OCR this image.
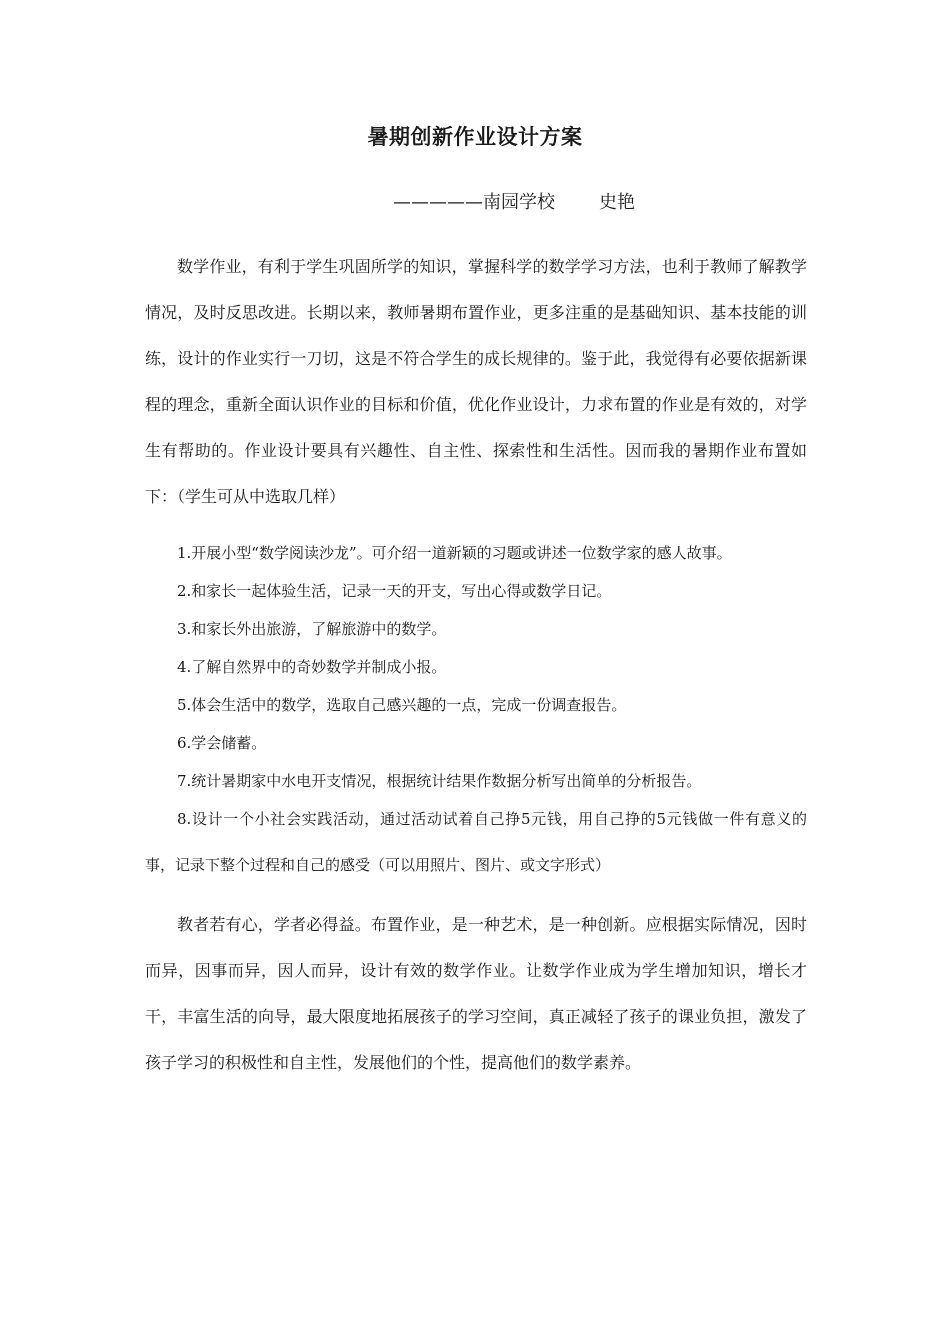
暑期创新作业设计方案
—————南园学校 史艳

数学作业，有利于学生巩固所学的知识，掌握科学的数学学习方法，也利于教师了解教学情况，及时反思改进。长期以来，教师暑期布置作业，更多注重的是基础知识、基本技能的训练，设计的作业实行一刀切，这是不符合学生的成长规律的。鉴于此，我觉得有必要依据新课程的理念，重新全面认识作业的目标和价值，优化作业设计，力求布置的作业是有效的，对学生有帮助的。作业设计要具有兴趣性、自主性、探索性和生活性。因而我的暑期作业布置如下：（学生可从中选取几样）

1.开展小型“数学阅读沙龙”。可介绍一道新颖的习题或讲述一位数学家的感人故事。
2.和家长一起体验生活，记录一天的开支，写出心得或数学日记。
3.和家长外出旅游，了解旅游中的数学。
4.了解自然界中的奇妙数学并制成小报。
5.体会生活中的数学，选取自己感兴趣的一点，完成一份调查报告。
6.学会储蓄。
7.统计暑期家中水电开支情况，根据统计结果作数据分析写出简单的分析报告。
8.设计一个小社会实践活动，通过活动试着自己挣5元钱，用自己挣的5元钱做一件有意义的事，记录下整个过程和自己的感受（可以用照片、图片、或文字形式）

教者若有心，学者必得益。布置作业，是一种艺术，是一种创新。应根据实际情况，因时而异，因事而异，因人而异，设计有效的数学作业。让数学作业成为学生增加知识，增长才干，丰富生活的向导，最大限度地拓展孩子的学习空间，真正减轻了孩子的课业负担，激发了孩子学习的积极性和自主性，发展他们的个性，提高他们的数学素养。
